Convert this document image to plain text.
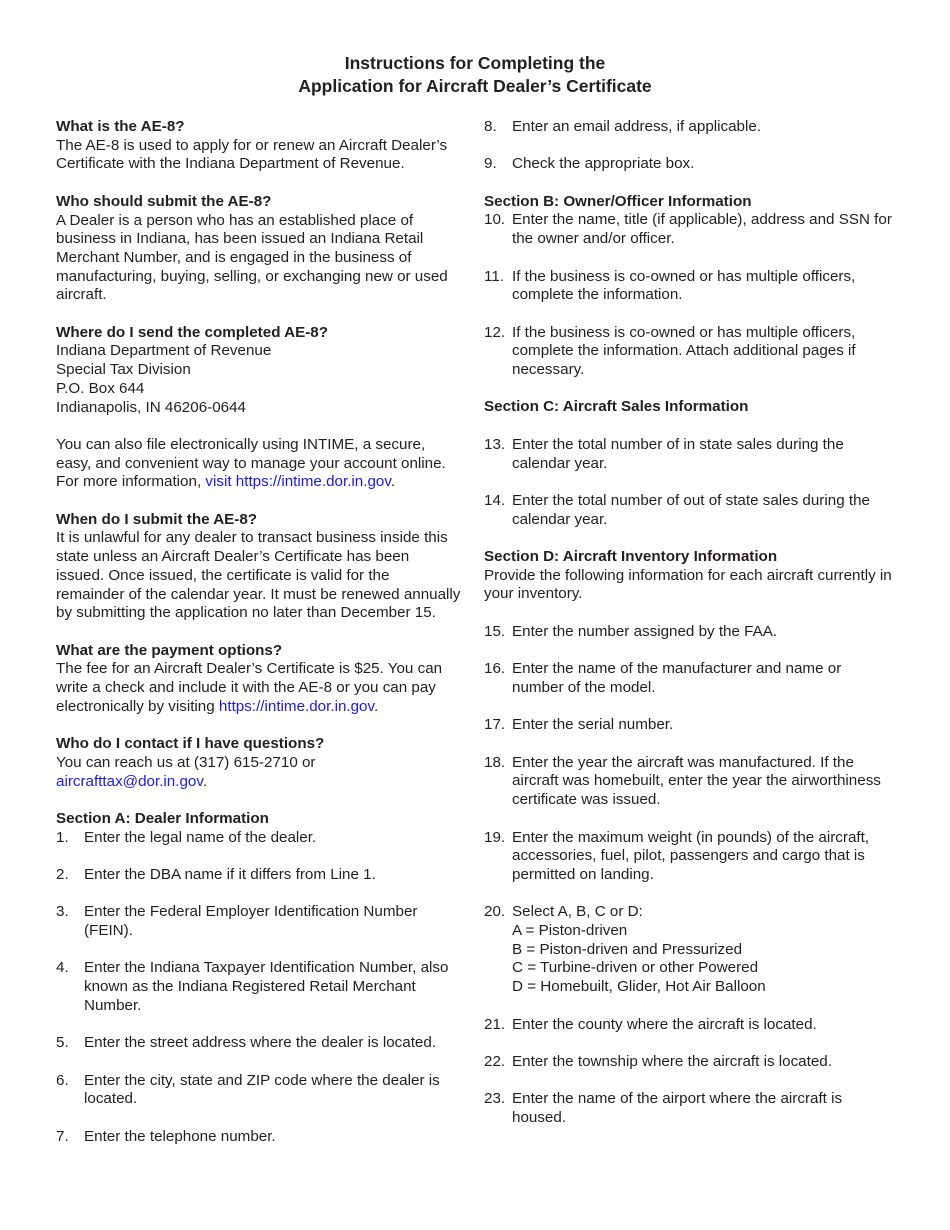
Instructions for Completing the
Application for Aircraft Dealer’s Certificate

What is the AE-8?

The AE-8 is used to apply for or renew an Aircraft Dealer’s Certificate with the Indiana Department of Revenue.

Who should submit the AE-8?

A Dealer is a person who has an established place of business in Indiana, has been issued an Indiana Retail Merchant Number, and is engaged in the business of manufacturing, buying, selling, or exchanging new or used aircraft.

Where do I send the completed AE-8?

Indiana Department of Revenue

Special Tax Division

P.O. Box 644

Indianapolis, IN 46206-0644

You can also file electronically using INTIME, a secure, easy, and convenient way to manage your account online. For more information, visit https://intime.dor.in.gov.

When do I submit the AE-8?

It is unlawful for any dealer to transact business inside this state unless an Aircraft Dealer’s Certificate has been issued. Once issued, the certificate is valid for the remainder of the calendar year. It must be renewed annually by submitting the application no later than December 15.

What are the payment options?

The fee for an Aircraft Dealer’s Certificate is $25. You can write a check and include it with the AE-8 or you can pay electronically by visiting https://intime.dor.in.gov.

Who do I contact if I have questions?

You can reach us at (317) 615-2710 or

aircrafttax@dor.in.gov.

Section A: Dealer Information

1.	Enter the legal name of the dealer.
2.	Enter the DBA name if it differs from Line 1.
3.	Enter the Federal Employer Identification Number (FEIN).
4.	Enter the Indiana Taxpayer Identification Number, also known as the Indiana Registered Retail Merchant Number.
5.	Enter the street address where the dealer is located.
6.	Enter the city, state and ZIP code where the dealer is located.
7.	Enter the telephone number.
8.	Enter an email address, if applicable.
9.	Check the appropriate box.

Section B: Owner/Officer Information

10. Enter the name, title (if applicable), address and SSN for the owner and/or officer.
11. If the business is co-owned or has multiple officers, complete the information.
12. If the business is co-owned or has multiple officers, complete the information. Attach additional pages if necessary.

Section C: Aircraft Sales Information

13. Enter the total number of in state sales during the calendar year.
14. Enter the total number of out of state sales during the calendar year.

Section D: Aircraft Inventory Information

Provide the following information for each aircraft currently in your inventory.

15. Enter the number assigned by the FAA.
16. Enter the name of the manufacturer and name or number of the model.
17. Enter the serial number.
18. Enter the year the aircraft was manufactured. If the aircraft was homebuilt, enter the year the airworthiness certificate was issued.
19. Enter the maximum weight (in pounds) of the aircraft, accessories, fuel, pilot, passengers and cargo that is permitted on landing.
20. Select A, B, C or D:
A = Piston-driven
B = Piston-driven and Pressurized
C = Turbine-driven or other Powered
D = Homebuilt, Glider, Hot Air Balloon
21. Enter the county where the aircraft is located.
22. Enter the township where the aircraft is located.
23. Enter the name of the airport where the aircraft is housed.
